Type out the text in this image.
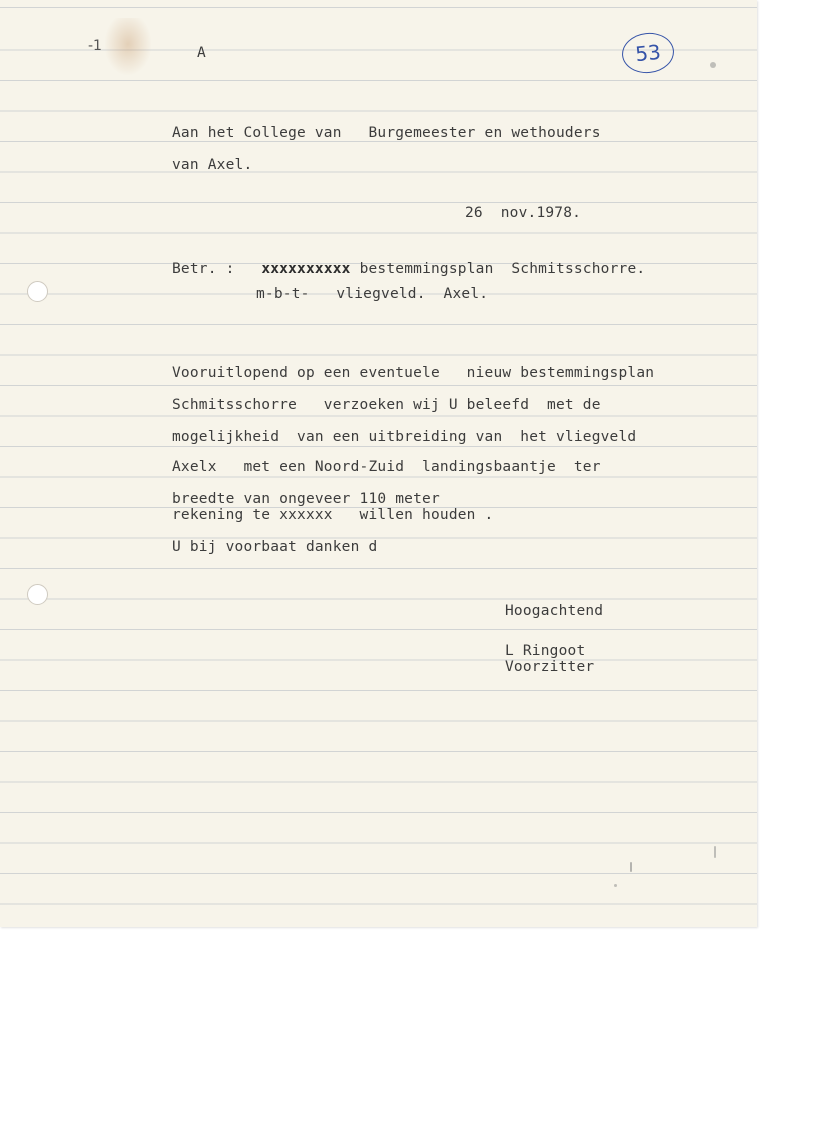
-1	A	53
Aan het College van   Burgemeester en wethouders
van Axel.
26  nov.1978.
Betr. : xxxxxxxxxx bestemmingsplan  Schmitsschorre.
m-b-t-   vliegveld.  Axel.
Vooruitlopend op een eventuele   nieuw bestemmingsplan
Schmitsschorre   verzoeken wij U beleefd  met de
mogelijkheid  van een uitbreiding van  het vliegveld
Axelx   met een Noord-Zuid  landingsbaantje  ter
breedte van ongeveer 110 meter
rekening te xxxxxx   willen houden .
U bij voorbaat danken d
Hoogachtend
L Ringoot
Voorzitter
